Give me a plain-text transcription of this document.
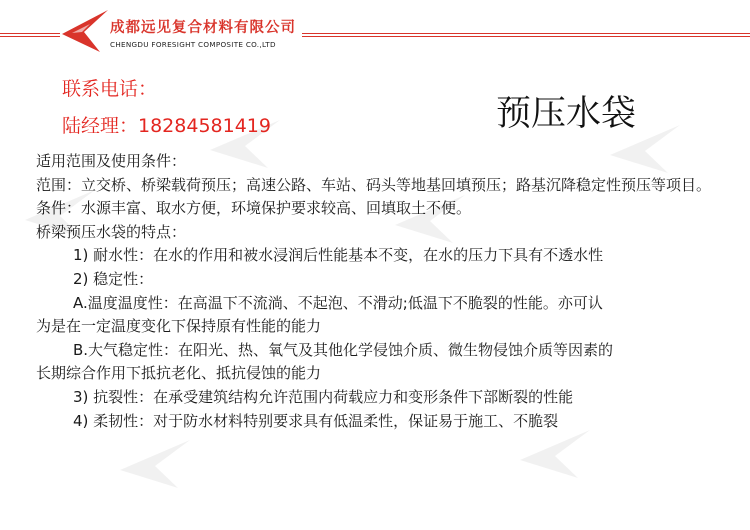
成都远见复合材料有限公司
CHENGDU FORESIGHT COMPOSITE CO.,LTD
联系电话：
陆经理：18284581419	预压水袋

适用范围及使用条件：

范围：立交桥、桥梁载荷预压；高速公路、车站、码头等地基回填预压；路基沉降稳定性预压等项目。

条件：水源丰富、取水方便，环境保护要求较高、回填取土不便。

桥梁预压水袋的特点：

1) 耐水性：在水的作用和被水浸润后性能基本不变，在水的压力下具有不透水性

2) 稳定性：

A.温度温度性：在高温下不流淌、不起泡、不滑动;低温下不脆裂的性能。亦可认

为是在一定温度变化下保持原有性能的能力

B.大气稳定性：在阳光、热、氧气及其他化学侵蚀介质、微生物侵蚀介质等因素的

长期综合作用下抵抗老化、抵抗侵蚀的能力

3) 抗裂性：在承受建筑结构允许范围内荷载应力和变形条件下部断裂的性能

4) 柔韧性：对于防水材料特别要求具有低温柔性，保证易于施工、不脆裂
